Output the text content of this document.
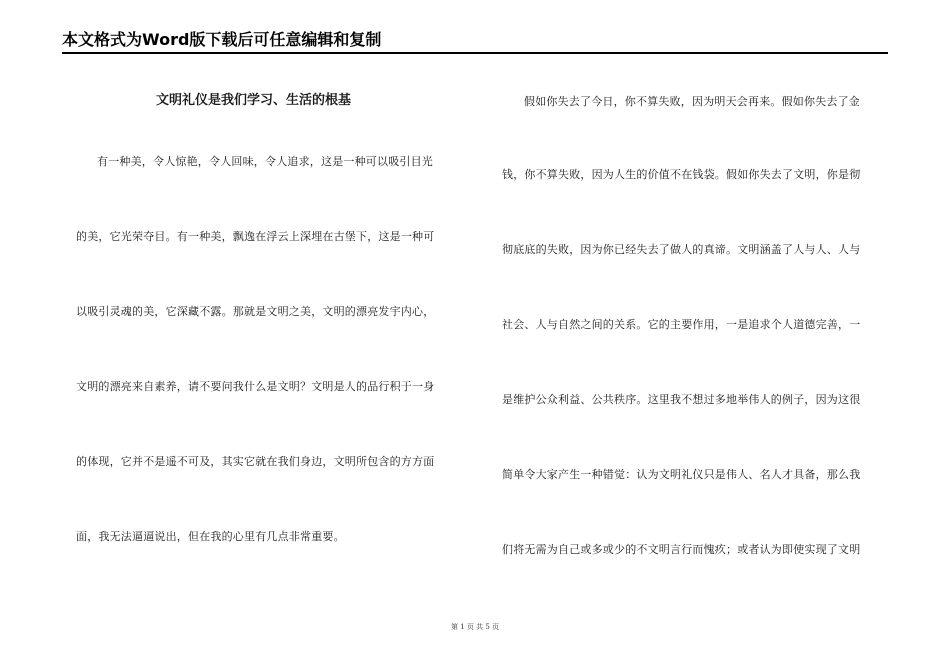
本文格式为Word版下载后可任意编辑和复制
文明礼仪是我们学习、生活的根基
有一种美，令人惊艳，令人回味，令人追求，这是一种可以吸引目光
的美，它光荣夺目。有一种美，飘逸在浮云上深埋在古堡下，这是一种可
以吸引灵魂的美，它深藏不露。那就是文明之美，文明的漂亮发宇内心，
文明的漂亮来自素养，请不要问我什么是文明？文明是人的品行积于一身
的体现，它并不是遥不可及，其实它就在我们身边，文明所包含的方方面
面，我无法逼逼说出，但在我的心里有几点非常重要。
假如你失去了今日，你不算失败，因为明天会再来。假如你失去了金
钱，你不算失败，因为人生的价值不在钱袋。假如你失去了文明，你是彻
彻底底的失败，因为你已经失去了做人的真谛。文明涵盖了人与人、人与
社会、人与自然之间的关系。它的主要作用，一是追求个人道德完善，一
是维护公众利益、公共秩序。这里我不想过多地举伟人的例子，因为这很
简单令大家产生一种错觉：认为文明礼仪只是伟人、名人才具备，那么我
们将无需为自己或多或少的不文明言行而愧疚；或者认为即使实现了文明
第 1 页 共 5 页
